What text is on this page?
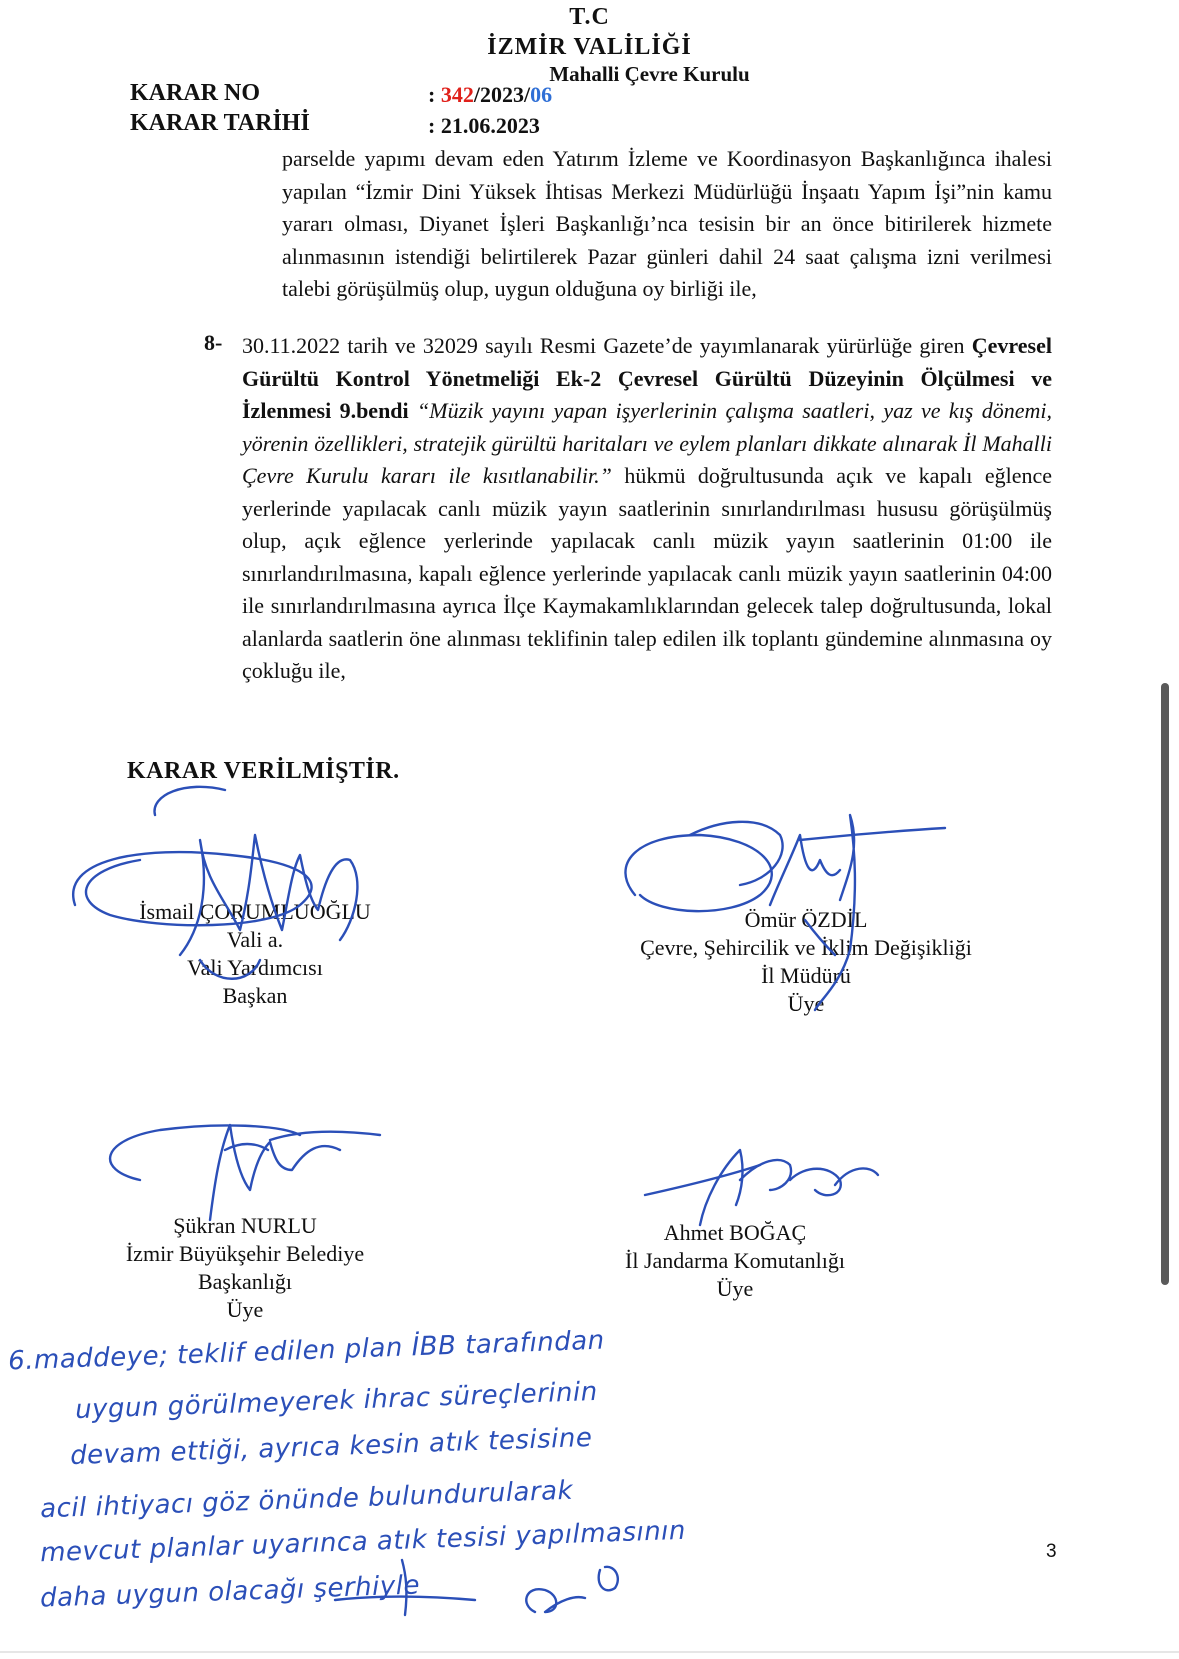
T.C
İZMİR VALİLİĞİ
Mahalli Çevre Kurulu
KARAR NO	: 342/2023/06
KARAR TARİHİ	: 21.06.2023

parselde yapımı devam eden Yatırım İzleme ve Koordinasyon Başkanlığınca ihalesi yapılan “İzmir Dini Yüksek İhtisas Merkezi Müdürlüğü İnşaatı Yapım İşi”nin kamu yararı olması, Diyanet İşleri Başkanlığı’nca tesisin bir an önce bitirilerek hizmete alınmasının istendiği belirtilerek Pazar günleri dahil 24 saat çalışma izni verilmesi talebi görüşülmüş olup, uygun olduğuna oy birliği ile,

8- 30.11.2022 tarih ve 32029 sayılı Resmi Gazete’de yayımlanarak yürürlüğe giren Çevresel Gürültü Kontrol Yönetmeliği Ek-2 Çevresel Gürültü Düzeyinin Ölçülmesi ve İzlenmesi 9.bendi “Müzik yayını yapan işyerlerinin çalışma saatleri, yaz ve kış dönemi, yörenin özellikleri, stratejik gürültü haritaları ve eylem planları dikkate alınarak İl Mahalli Çevre Kurulu kararı ile kısıtlanabilir.” hükmü doğrultusunda açık ve kapalı eğlence yerlerinde yapılacak canlı müzik yayın saatlerinin sınırlandırılması hususu görüşülmüş olup, açık eğlence yerlerinde yapılacak canlı müzik yayın saatlerinin 01:00 ile sınırlandırılmasına, kapalı eğlence yerlerinde yapılacak canlı müzik yayın saatlerinin 04:00 ile sınırlandırılmasına ayrıca İlçe Kaymakamlıklarından gelecek talep doğrultusunda, lokal alanlarda saatlerin öne alınması teklifinin talep edilen ilk toplantı gündemine alınmasına oy çokluğu ile,

KARAR VERİLMİŞTİR.
İsmail ÇORUMLUOĞLU
Vali a.
Vali Yardımcısı
Başkan
Ömür ÖZDİL
Çevre, Şehircilik ve İklim Değişikliği
İl Müdürü
Üye
Şükran NURLU
İzmir Büyükşehir Belediye
Başkanlığı
Üye
Ahmet BOĞAÇ
İl Jandarma Komutanlığı
Üye
6.maddeye; teklif edilen plan İBB tarafından
uygun görülmeyerek ihrac süreçlerinin
devam ettiği, ayrıca kesin atık tesisine
acil ihtiyacı göz önünde bulundurularak
mevcut planlar uyarınca atık tesisi yapılmasının
daha uygun olacağı şerhiyle
3
